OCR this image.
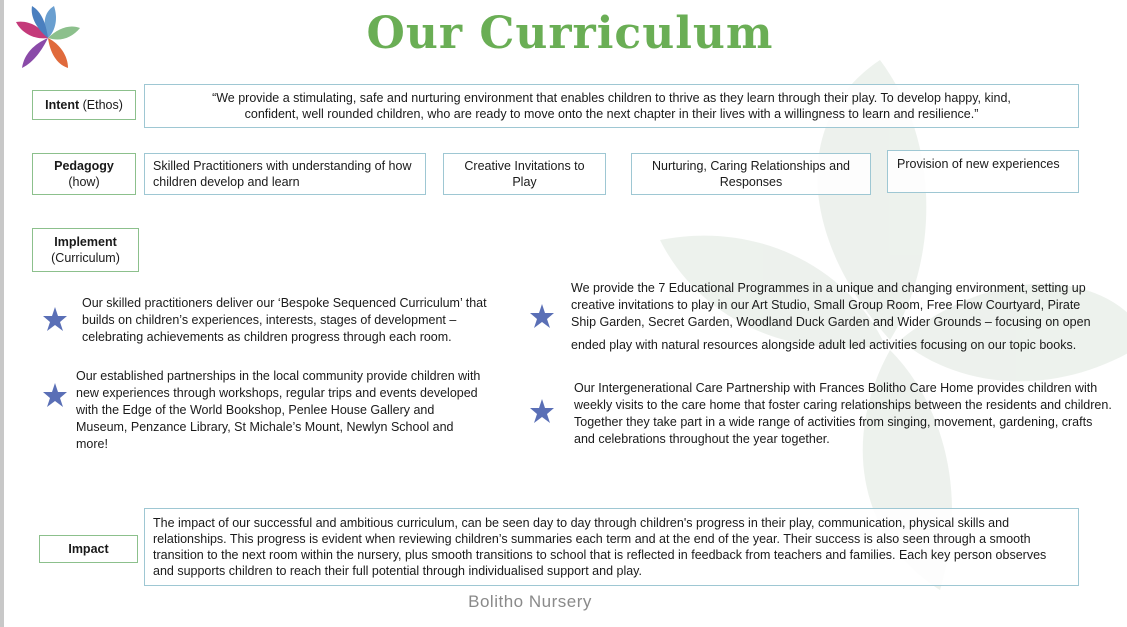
Our Curriculum
Intent (Ethos)	“We provide a stimulating, safe and nurturing environment that enables children to thrive as they learn through their play. To develop happy, kind, confident, well rounded children, who are ready to move onto the next chapter in their lives with a willingness to learn and resilience.”
Pedagogy
(how)
Skilled Practitioners with understanding of how children develop and learn
Creative Invitations to Play
Nurturing, Caring Relationships and Responses
Provision of new experiences
Implement
(Curriculum)
Our skilled practitioners deliver our ‘Bespoke Sequenced Curriculum’ that builds on children’s experiences, interests, stages of development – celebrating achievements as children progress through each room.
We provide the 7 Educational Programmes in a unique and changing environment, setting up creative invitations to play in our Art Studio, Small Group Room, Free Flow Courtyard, Pirate Ship Garden, Secret Garden, Woodland Duck Garden and Wider Grounds – focusing on open
ended play with natural resources alongside adult led activities focusing on our topic books.
Our established partnerships in the local community provide children with new experiences through workshops, regular trips and events developed with the Edge of the World Bookshop, Penlee House Gallery and Museum, Penzance Library, St Michale’s Mount, Newlyn School and more!
Our Intergenerational Care Partnership with Frances Bolitho Care Home provides children with weekly visits to the care home that foster caring relationships between the residents and children. Together they take part in a wide range of activities from singing, movement, gardening, crafts and celebrations throughout the year together.
Impact
The impact of our successful and ambitious curriculum, can be seen day to day through children's progress in their play, communication, physical skills and relationships. This progress is evident when reviewing children’s summaries each term and at the end of the year. Their success is also seen through a smooth transition to the next room within the nursery, plus smooth transitions to school that is reflected in feedback from teachers and families. Each key person observes and supports children to reach their full potential through individualised support and play.
Bolitho Nursery
